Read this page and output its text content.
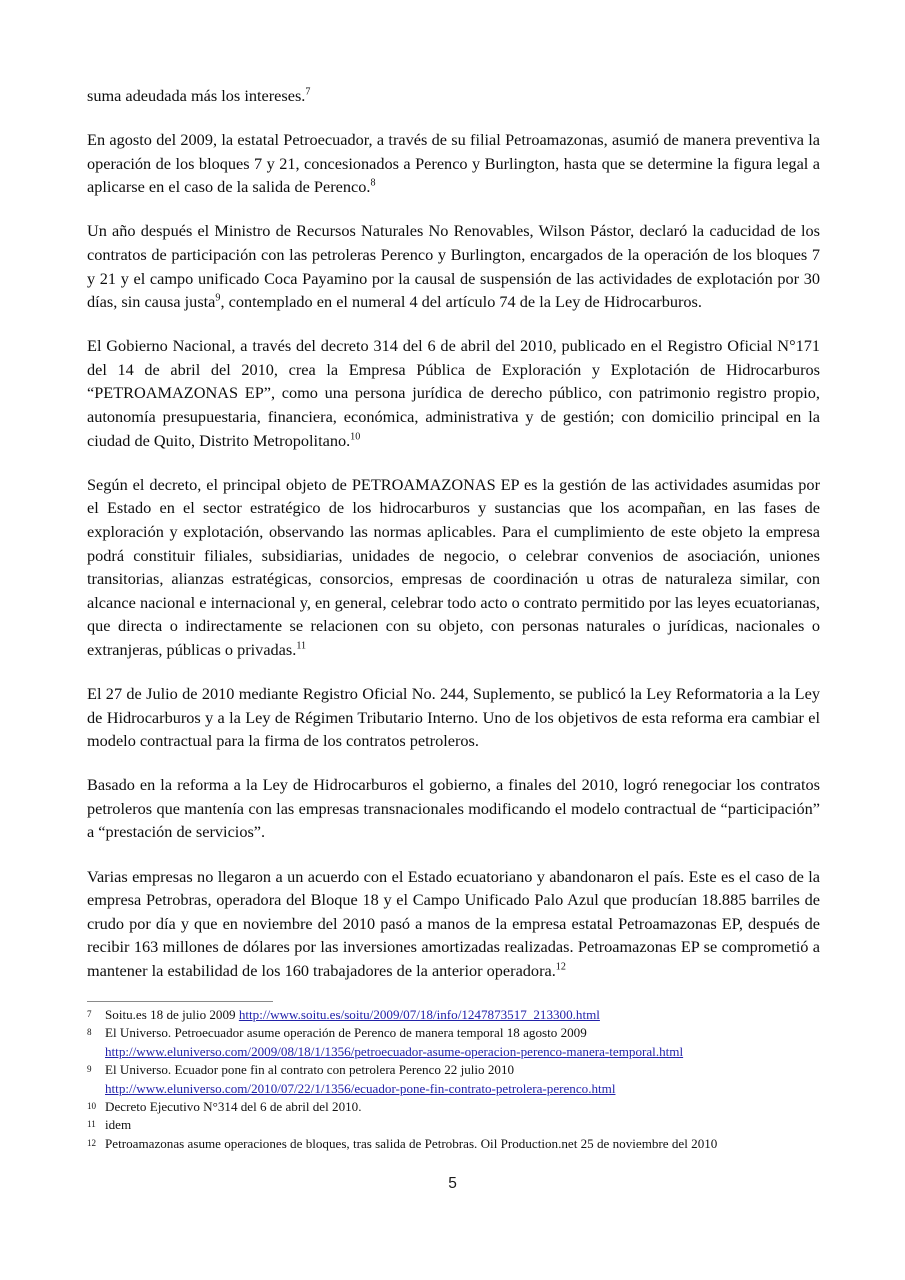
suma adeudada más los intereses.$^7$

En agosto del 2009, la estatal Petroecuador, a través de su filial Petroamazonas, asumió de manera preventiva la operación de los bloques 7 y 21, concesionados a Perenco y Burlington, hasta que se determine la figura legal a aplicarse en el caso de la salida de Perenco.$^8$

Un año después el Ministro de Recursos Naturales No Renovables, Wilson Pástor, declaró la caducidad de los contratos de participación con las petroleras Perenco y Burlington, encargados de la operación de los bloques 7 y 21 y el campo unificado Coca Payamino por la causal de suspensión de las actividades de explotación por 30 días, sin causa justa$^9$, contemplado en el numeral 4 del artículo 74 de la Ley de Hidrocarburos.

El Gobierno Nacional, a través del decreto 314 del 6 de abril del 2010, publicado en el Registro Oficial N°171 del 14 de abril del 2010, crea la Empresa Pública de Exploración y Explotación de Hidrocarburos “PETROAMAZONAS EP”, como una persona jurídica de derecho público, con patrimonio registro propio, autonomía presupuestaria, financiera, económica, administrativa y de gestión; con domicilio principal en la ciudad de Quito, Distrito Metropolitano.$^{10}$

Según el decreto, el principal objeto de PETROAMAZONAS EP es la gestión de las actividades asumidas por el Estado en el sector estratégico de los hidrocarburos y sustancias que los acompañan, en las fases de exploración y explotación, observando las normas aplicables. Para el cumplimiento de este objeto la empresa podrá constituir filiales, subsidiarias, unidades de negocio, o celebrar convenios de asociación, uniones transitorias, alianzas estratégicas, consorcios, empresas de coordinación u otras de naturaleza similar, con alcance nacional e internacional y, en general, celebrar todo acto o contrato permitido por las leyes ecuatorianas, que directa o indirectamente se relacionen con su objeto, con personas naturales o jurídicas, nacionales o extranjeras, públicas o privadas.$^{11}$

El 27 de Julio de 2010 mediante Registro Oficial No. 244, Suplemento, se publicó la Ley Reformatoria a la Ley de Hidrocarburos y a la Ley de Régimen Tributario Interno. Uno de los objetivos de esta reforma era cambiar el modelo contractual para la firma de los contratos petroleros.

Basado en la reforma a la Ley de Hidrocarburos el gobierno, a finales del 2010, logró renegociar los contratos petroleros que mantenía con las empresas transnacionales modificando el modelo contractual de “participación” a “prestación de servicios”.

Varias empresas no llegaron a un acuerdo con el Estado ecuatoriano y abandonaron el país. Este es el caso de la empresa Petrobras, operadora del Bloque 18 y el Campo Unificado Palo Azul que producían 18.885 barriles de crudo por día y que en noviembre del 2010 pasó a manos de la empresa estatal Petroamazonas EP, después de recibir 163 millones de dólares por las inversiones amortizadas realizadas. Petroamazonas EP se comprometió a mantener la estabilidad de los 160 trabajadores de la anterior operadora.$^{12}$

7 Soitu.es 18 de julio 2009 http://www.soitu.es/soitu/2009/07/18/info/1247873517_213300.html
8 El Universo. Petroecuador asume operación de Perenco de manera temporal 18 agosto 2009
http://www.eluniverso.com/2009/08/18/1/1356/petroecuador-asume-operacion-perenco-manera-temporal.html
9 El Universo. Ecuador pone fin al contrato con petrolera Perenco 22 julio 2010
http://www.eluniverso.com/2010/07/22/1/1356/ecuador-pone-fin-contrato-petrolera-perenco.html
10 Decreto Ejecutivo N°314 del 6 de abril del 2010.
11 idem
12 Petroamazonas asume operaciones de bloques, tras salida de Petrobras. Oil Production.net 25 de noviembre del 2010
5
